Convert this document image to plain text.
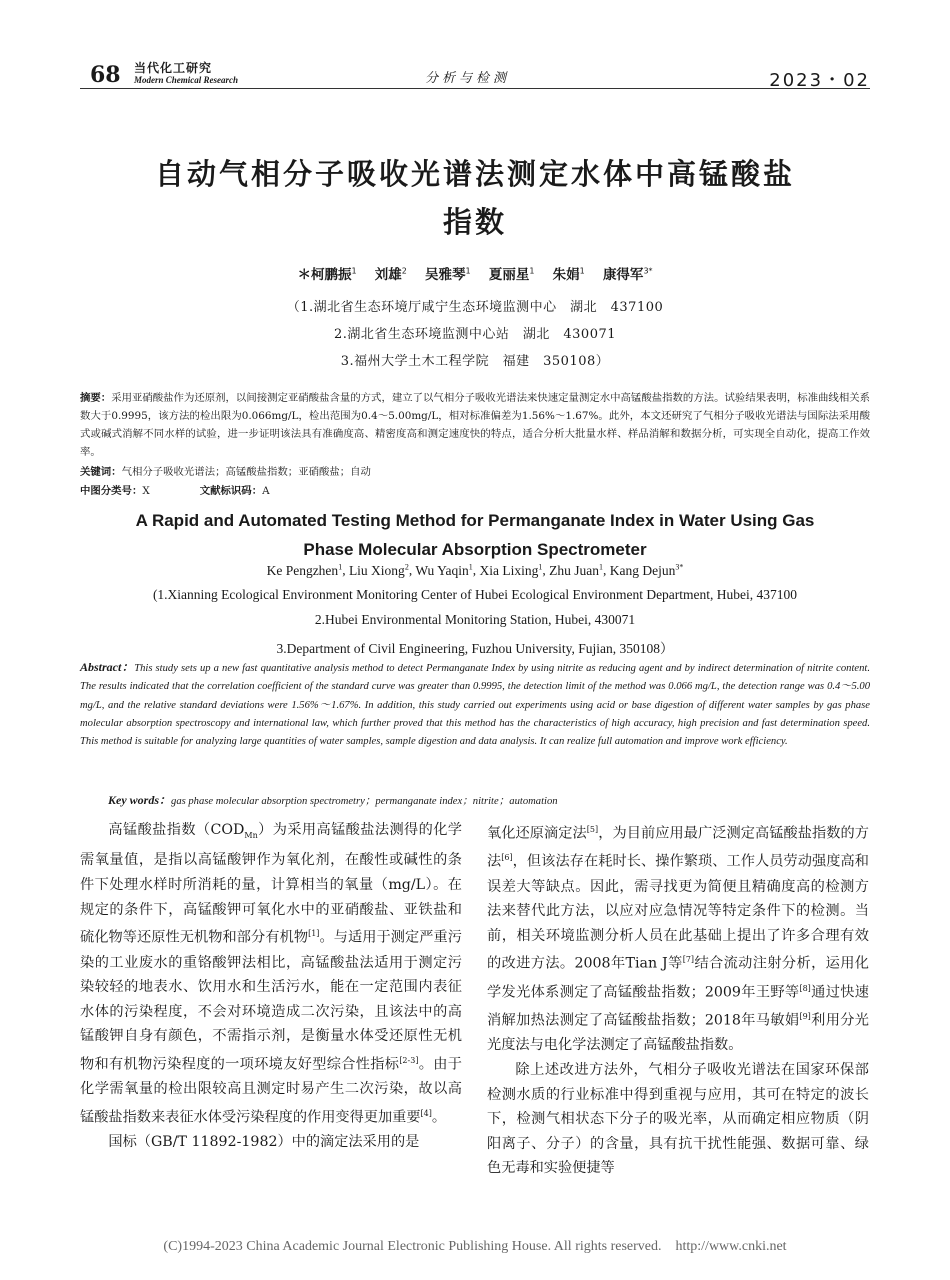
68 当代化工研究
Modern Chemical Research	分析与检测	2023・02
自动气相分子吸收光谱法测定水体中高锰酸盐
指数
＊柯鹏振$^1$　 刘雄$^2$　 吴雅琴$^1$　 夏丽星$^1$　 朱娟$^1$　 康得军$^{3*}$
（1.湖北省生态环境厅咸宁生态环境监测中心　湖北　437100
2.湖北省生态环境监测中心站　湖北　430071
3.福州大学土木工程学院　福建　350108）
摘要：采用亚硝酸盐作为还原剂，以间接测定亚硝酸盐含量的方式，建立了以气相分子吸收光谱法来快速定量测定水中高锰酸盐指数的方法。试验结果表明，标准曲线相关系数大于0.9995，该方法的检出限为0.066mg/L，检出范围为0.4～5.00mg/L，相对标准偏差为1.56%～1.67%。此外，本文还研究了气相分子吸收光谱法与国际法采用酸式或碱式消解不同水样的试验，进一步证明该法具有准确度高、精密度高和测定速度快的特点，适合分析大批量水样、样品消解和数据分析，可实现全自动化，提高工作效率。
关键词：气相分子吸收光谱法；高锰酸盐指数；亚硝酸盐；自动
中图分类号：X	文献标识码：A
A Rapid and Automated Testing Method for Permanganate Index in Water Using Gas
Phase Molecular Absorption Spectrometer
Ke Pengzhen$^1$, Liu Xiong$^2$, Wu Yaqin$^1$, Xia Lixing$^1$, Zhu Juan$^1$, Kang Dejun$^{3*}$
(1.Xianning Ecological Environment Monitoring Center of Hubei Ecological Environment Department, Hubei, 437100
2.Hubei Environmental Monitoring Station, Hubei, 430071
3.Department of Civil Engineering, Fuzhou University, Fujian, 350108）
Abstract：This study sets up a new fast quantitative analysis method to detect Permanganate Index by using nitrite as reducing agent and by indirect determination of nitrite content. The results indicated that the correlation coefficient of the standard curve was greater than 0.9995, the detection limit of the method was 0.066 mg/L, the detection range was 0.4～5.00 mg/L, and the relative standard deviations were 1.56%～1.67%. In addition, this study carried out experiments using acid or base digestion of different water samples by gas phase molecular absorption spectroscopy and international law, which further proved that this method has the characteristics of high accuracy, high precision and fast determination speed. This method is suitable for analyzing large quantities of water samples, sample digestion and data analysis. It can realize full automation and improve work efficiency.
Key words：gas phase molecular absorption spectrometry；permanganate index；nitrite；automation

高锰酸盐指数$(COD_{Mn})$为采用高锰酸盐法测得的化学需氧量值，是指以高锰酸钾作为氧化剂，在酸性或碱性的条件下处理水样时所消耗的量，计算相当的氧量（mg/L）。在规定的条件下，高锰酸钾可氧化水中的亚硝酸盐、亚铁盐和硫化物等还原性无机物和部分有机物[1]。与适用于测定严重污染的工业废水的重铬酸钾法相比，高锰酸盐法适用于测定污染较轻的地表水、饮用水和生活污水，能在一定范围内表征水体的污染程度，不会对环境造成二次污染，且该法中的高锰酸钾自身有颜色，不需指示剂，是衡量水体受还原性无机物和有机物污染程度的一项环境友好型综合性指标[2-3]。由于化学需氧量的检出限较高且测定时易产生二次污染，故以高锰酸盐指数来表征水体受污染程度的作用变得更加重要[4]。

国标（GB/T 11892-1982）中的滴定法采用的是

氧化还原滴定法[5]，为目前应用最广泛测定高锰酸盐指数的方法[6]，但该法存在耗时长、操作繁琐、工作人员劳动强度高和误差大等缺点。因此，需寻找更为简便且精确度高的检测方法来替代此方法，以应对应急情况等特定条件下的检测。当前，相关环境监测分析人员在此基础上提出了许多合理有效的改进方法。2008年Tian J等[7]结合流动注射分析，运用化学发光体系测定了高锰酸盐指数；2009年王野等[8]通过快速消解加热法测定了高锰酸盐指数；2018年马敏娟[9]利用分光光度法与电化学法测定了高锰酸盐指数。

除上述改进方法外，气相分子吸收光谱法在国家环保部检测水质的行业标准中得到重视与应用，其可在特定的波长下，检测气相状态下分子的吸光率，从而确定相应物质（阴阳离子、分子）的含量，具有抗干扰性能强、数据可靠、绿色无毒和实验便捷等

(C)1994-2023 China Academic Journal Electronic Publishing House. All rights reserved.　http://www.cnki.net
